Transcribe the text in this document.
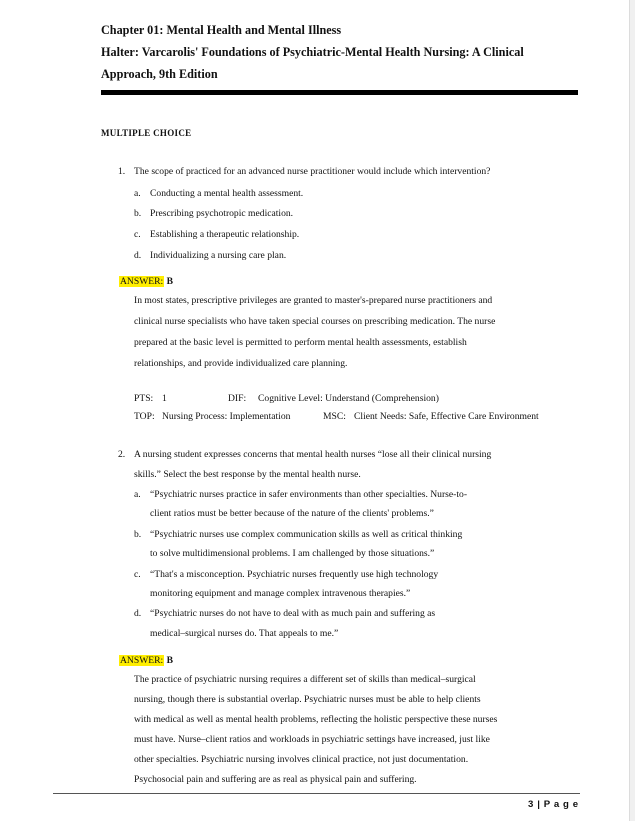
Chapter 01: Mental Health and Mental Illness
Halter: Varcarolis' Foundations of Psychiatric-Mental Health Nursing: A Clinical
Approach, 9th Edition
MULTIPLE CHOICE
1. The scope of practiced for an advanced nurse practitioner would include which intervention?
a. Conducting a mental health assessment.
b. Prescribing psychotropic medication.
c. Establishing a therapeutic relationship.
d. Individualizing a nursing care plan.
ANSWER: B
In most states, prescriptive privileges are granted to master's-prepared nurse practitioners and
clinical nurse specialists who have taken special courses on prescribing medication. The nurse
prepared at the basic level is permitted to perform mental health assessments, establish
relationships, and provide individualized care planning.
PTS: 1	DIF: Cognitive Level: Understand (Comprehension)
TOP: Nursing Process: Implementation	MSC: Client Needs: Safe, Effective Care Environment
2. A nursing student expresses concerns that mental health nurses “lose all their clinical nursing
skills.” Select the best response by the mental health nurse.
a. “Psychiatric nurses practice in safer environments than other specialties. Nurse-to-
client ratios must be better because of the nature of the clients' problems.”
b. “Psychiatric nurses use complex communication skills as well as critical thinking
to solve multidimensional problems. I am challenged by those situations.”
c. “That's a misconception. Psychiatric nurses frequently use high technology
monitoring equipment and manage complex intravenous therapies.”
d. “Psychiatric nurses do not have to deal with as much pain and suffering as
medical–surgical nurses do. That appeals to me.”
ANSWER: B
The practice of psychiatric nursing requires a different set of skills than medical–surgical
nursing, though there is substantial overlap. Psychiatric nurses must be able to help clients
with medical as well as mental health problems, reflecting the holistic perspective these nurses
must have. Nurse–client ratios and workloads in psychiatric settings have increased, just like
other specialties. Psychiatric nursing involves clinical practice, not just documentation.
Psychosocial pain and suffering are as real as physical pain and suffering.
3 | P a g e
